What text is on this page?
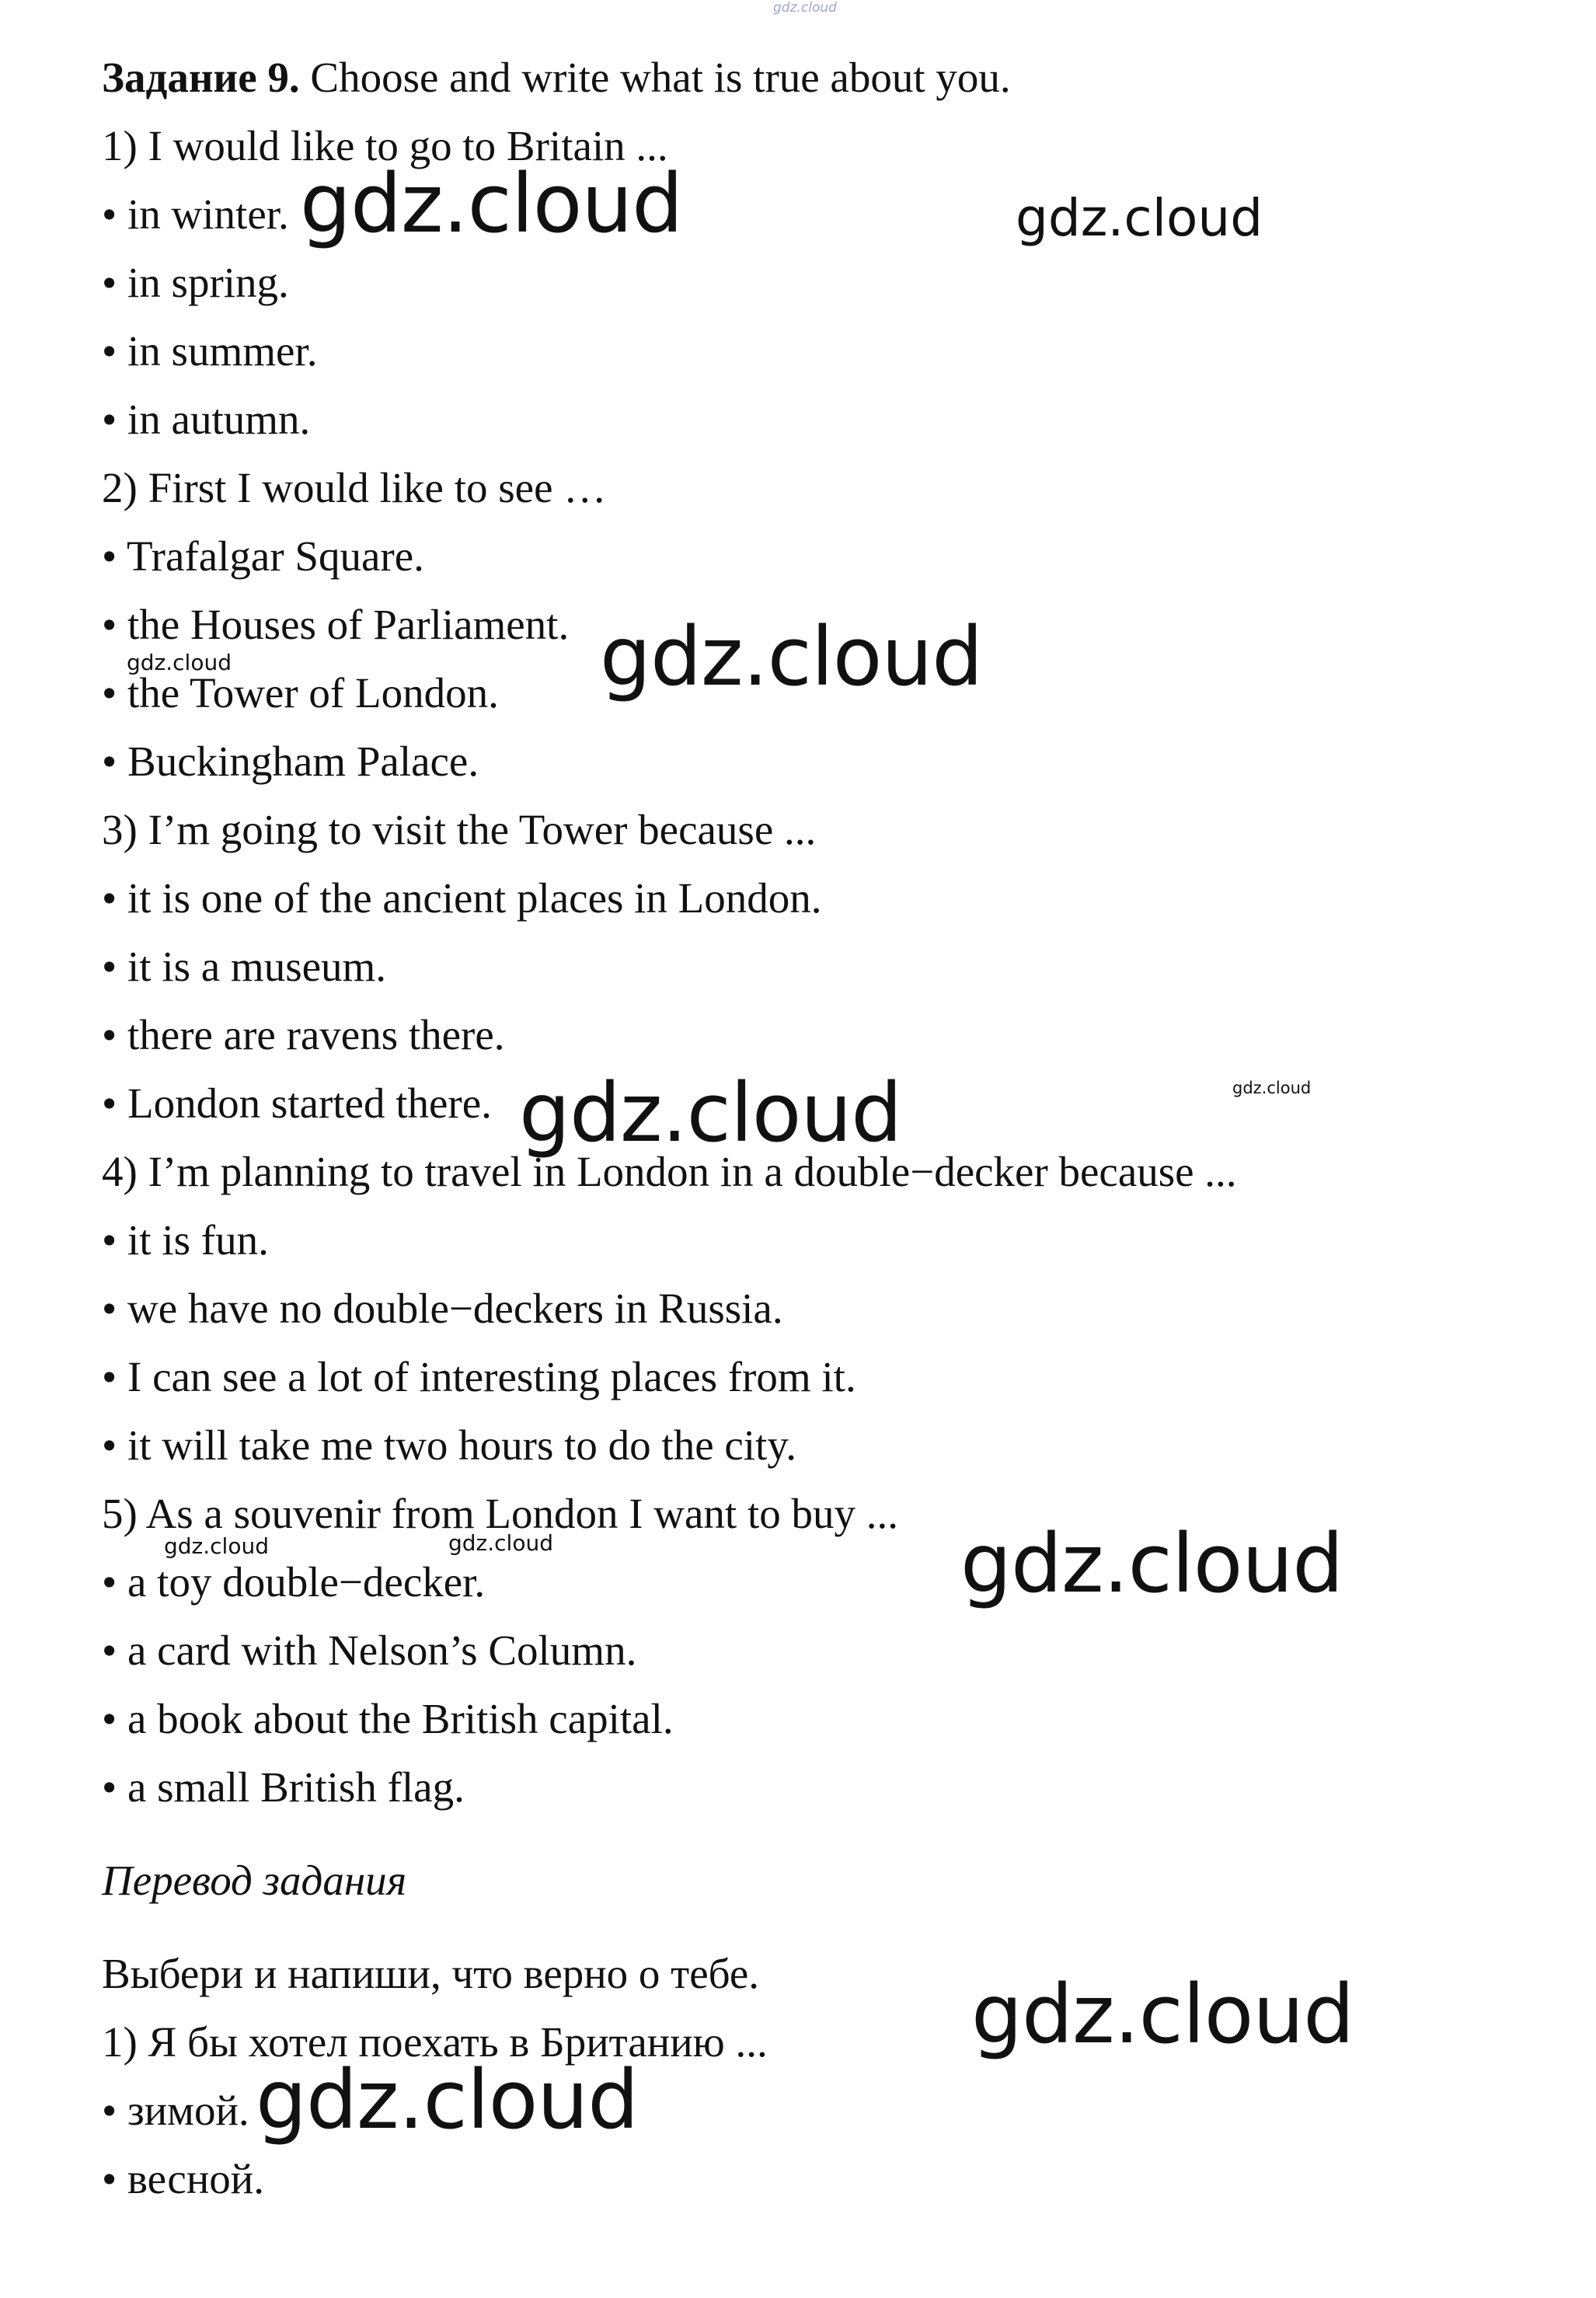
gdz.cloud
Задание 9. Choose and write what is true about you.
1) I would like to go to Britain ...
• in winter.
• in spring.
• in summer.
• in autumn.
2) First I would like to see …
• Trafalgar Square.
• the Houses of Parliament.
• the Tower of London.
• Buckingham Palace.
3) I’m going to visit the Tower because ...
• it is one of the ancient places in London.
• it is a museum.
• there are ravens there.
• London started there.
4) I’m planning to travel in London in a double−decker because ...
• it is fun.
• we have no double−deckers in Russia.
• I can see a lot of interesting places from it.
• it will take me two hours to do the city.
5) As a souvenir from London I want to buy ...
• a toy double−decker.
• a card with Nelson’s Column.
• a book about the British capital.
• a small British flag.
Перевод задания
Выбери и напиши, что верно о тебе.
1) Я бы хотел поехать в Британию ...
• зимой.
• весной.
gdz.cloud	gdz.cloud
gdz.cloud	gdz.cloud
gdz.cloud	gdz.cloud
gdz.cloud	gdz.cloud	gdz.cloud
gdz.cloud
gdz.cloud
